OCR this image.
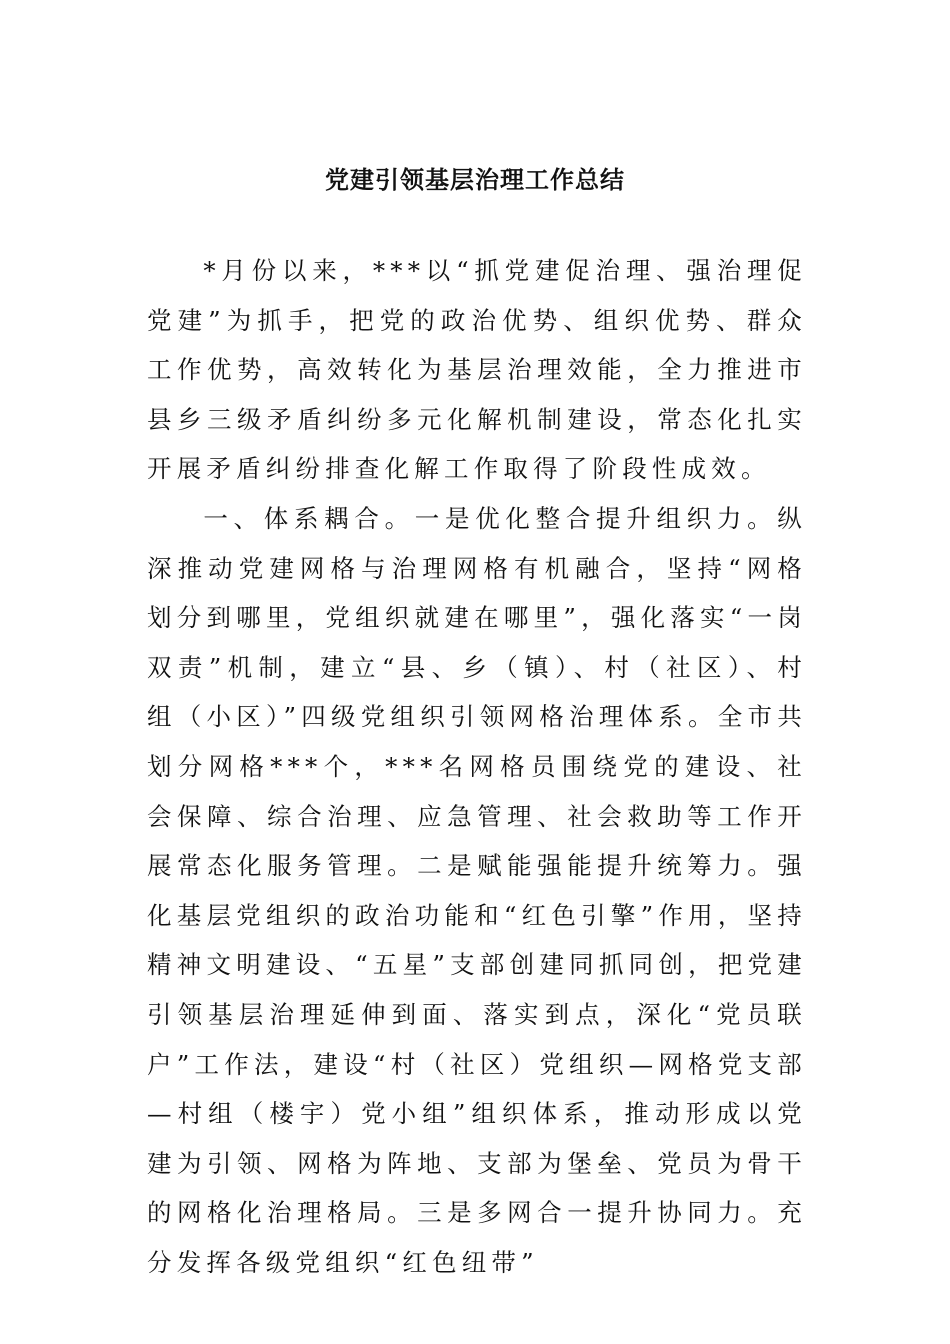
党建引领基层治理工作总结

*月份以来，***以“抓党建促治理、强治理促党建”为抓手，把党的政治优势、组织优势、群众工作优势，高效转化为基层治理效能，全力推进市县乡三级矛盾纠纷多元化解机制建设，常态化扎实开展矛盾纠纷排查化解工作取得了阶段性成效。

一、体系耦合。一是优化整合提升组织力。纵深推动党建网格与治理网格有机融合，坚持“网格划分到哪里，党组织就建在哪里”，强化落实“一岗双责”机制，建立“县、乡（镇）、村（社区）、村组（小区）”四级党组织引领网格治理体系。全市共划分网格***个，***名网格员围绕党的建设、社会保障、综合治理、应急管理、社会救助等工作开展常态化服务管理。二是赋能强能提升统筹力。强化基层党组织的政治功能和“红色引擎”作用，坚持精神文明建设、“五星”支部创建同抓同创，把党建引领基层治理延伸到面、落实到点，深化“党员联户”工作法，建设“村（社区）党组织—网格党支部—村组（楼宇）党小组”组织体系，推动形成以党建为引领、网格为阵地、支部为堡垒、党员为骨干的网格化治理格局。三是多网合一提升协同力。充分发挥各级党组织“红色纽带”
